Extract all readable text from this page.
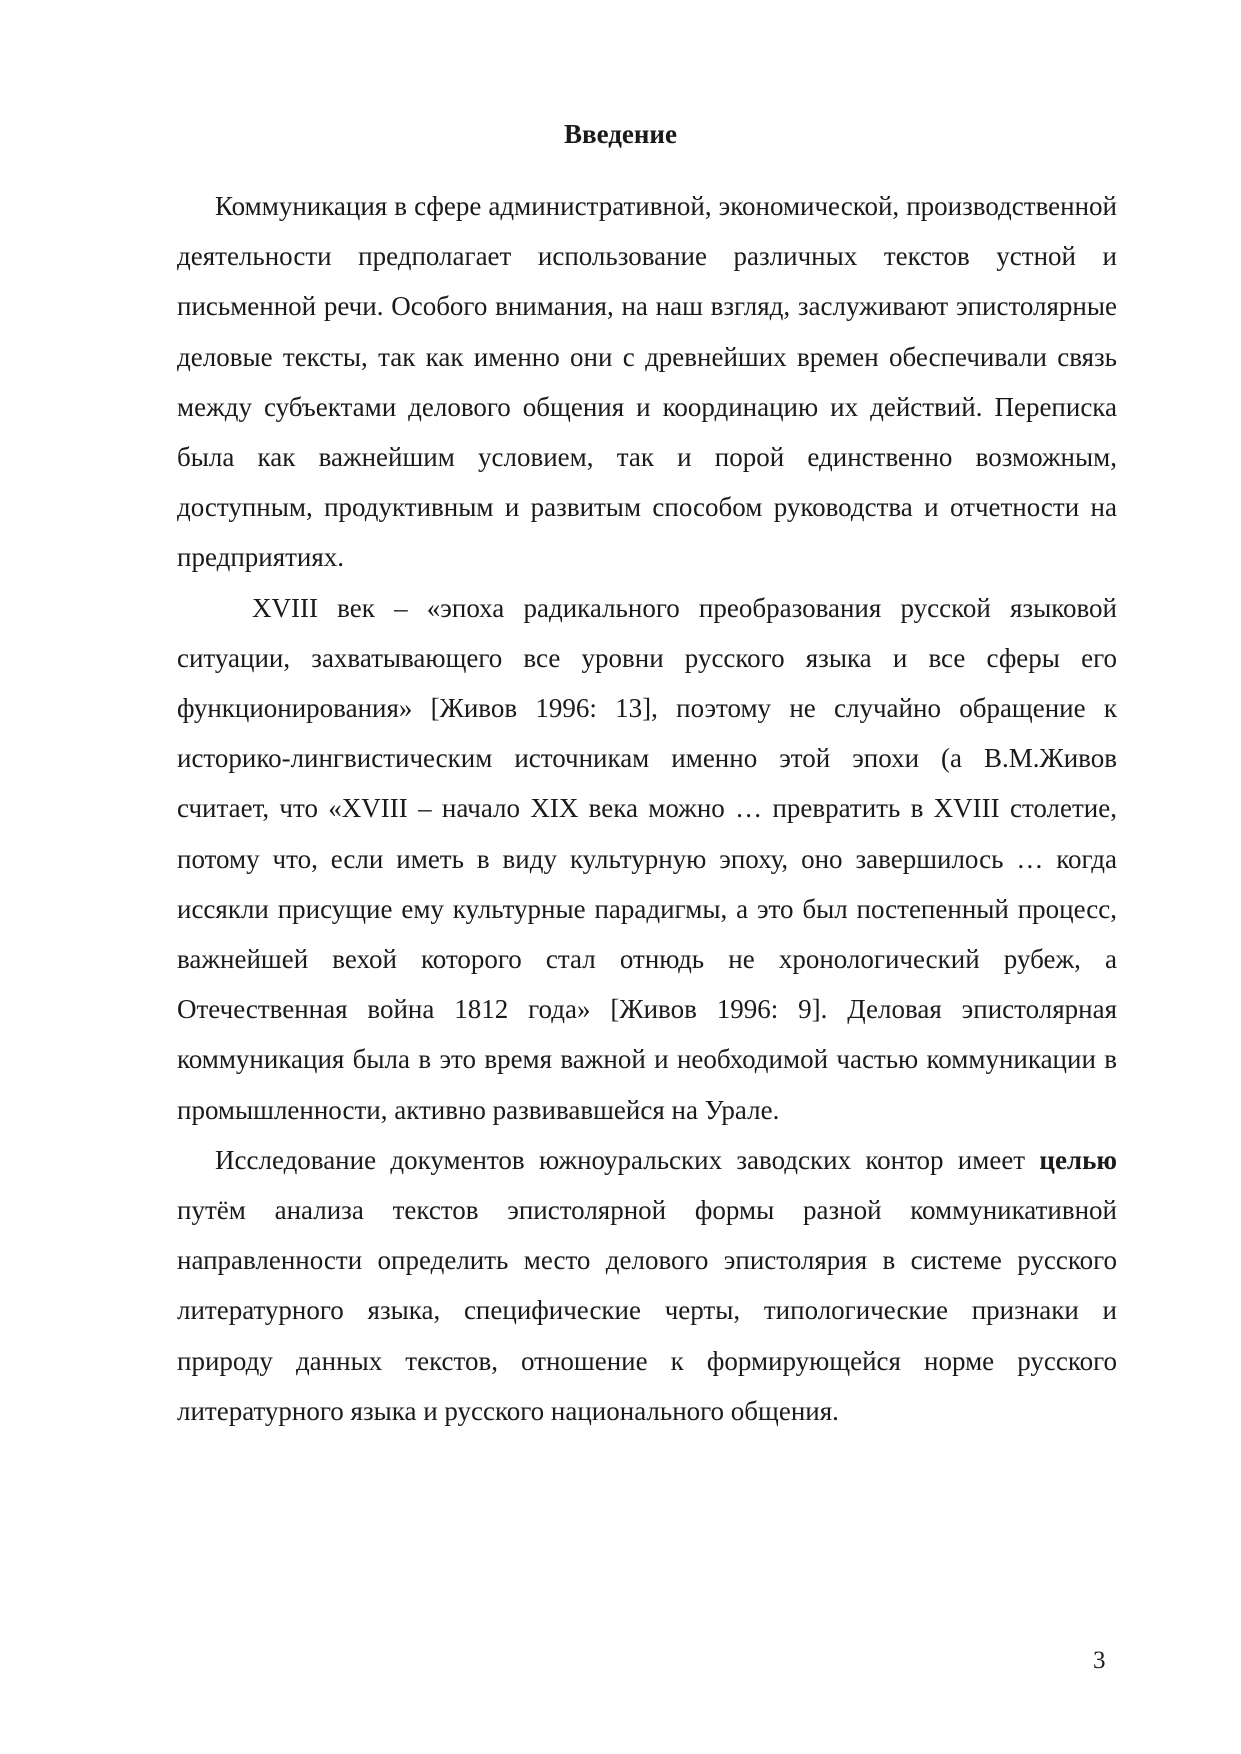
Введение

Коммуникация в сфере административной, экономической, производственной деятельности предполагает использование различных текстов устной и письменной речи. Особого внимания, на наш взгляд, заслуживают эпистолярные деловые тексты, так как именно они с древнейших времен обеспечивали связь между субъектами делового общения и координацию их действий. Переписка была как важнейшим условием, так и порой единственно возможным, доступным, продуктивным и развитым способом руководства и отчетности на предприятиях.

XVIII век – «эпоха радикального преобразования русской языковой ситуации, захватывающего все уровни русского языка и все сферы его функционирования» [Живов 1996: 13], поэтому не случайно обращение к историко-лингвистическим источникам именно этой эпохи (а В.М.Живов считает, что «XVIII – начало XIX века можно … превратить в XVIII столетие, потому что, если иметь в виду культурную эпоху, оно завершилось … когда иссякли присущие ему культурные парадигмы, а это был постепенный процесс, важнейшей вехой которого стал отнюдь не хронологический рубеж, а Отечественная война 1812 года» [Живов 1996: 9]. Деловая эпистолярная коммуникация была в это время важной и необходимой частью коммуникации в промышленности, активно развивавшейся на Урале.

Исследование документов южноуральских заводских контор имеет целью путём анализа текстов эпистолярной формы разной коммуникативной направленности определить место делового эпистолярия в системе русского литературного языка, специфические черты, типологические признаки и природу данных текстов, отношение к формирующейся норме русского литературного языка и русского национального общения.

3
